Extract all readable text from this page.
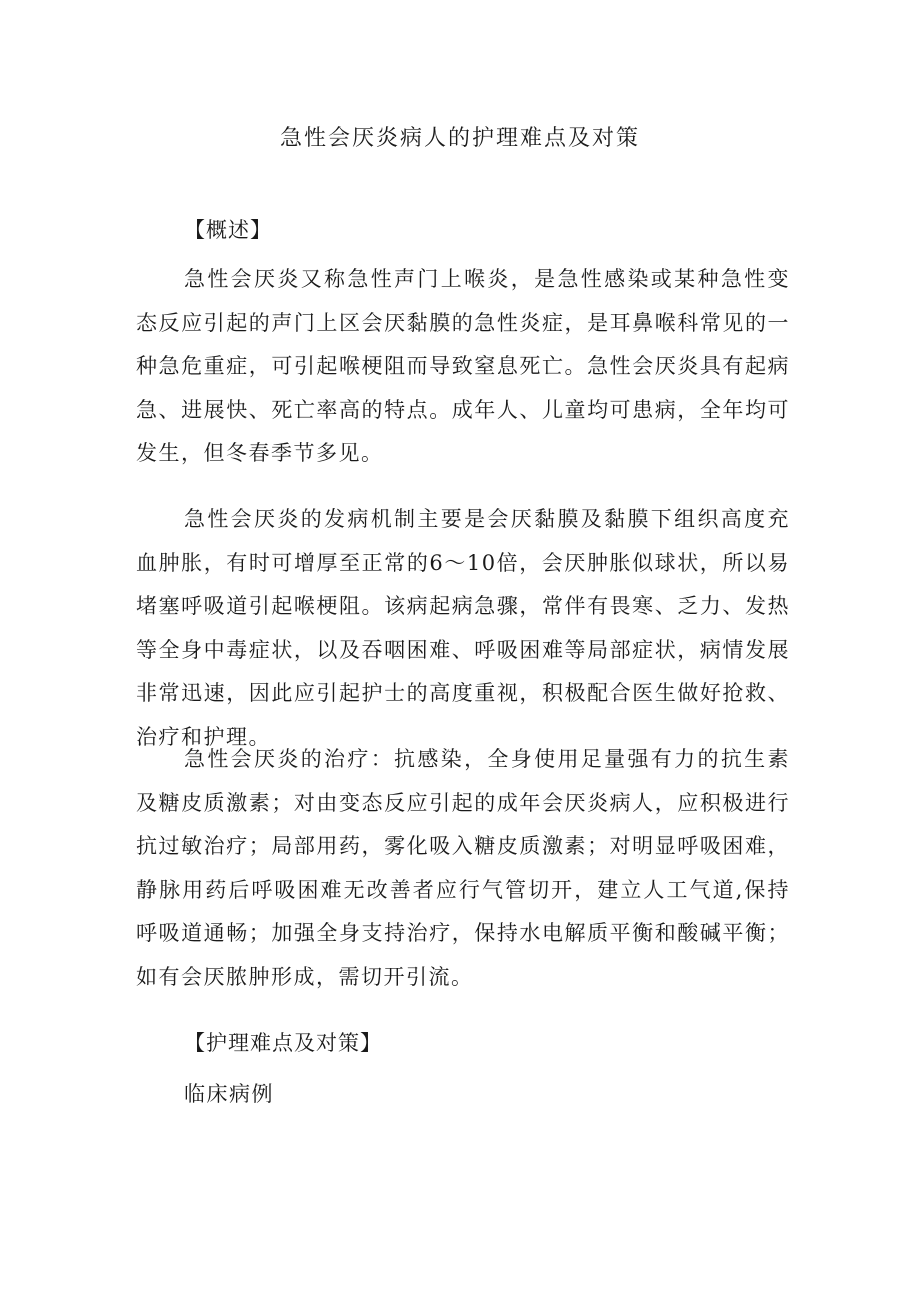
急性会厌炎病人的护理难点及对策
【概述】

急性会厌炎又称急性声门上喉炎，是急性感染或某种急性变态反应引起的声门上区会厌黏膜的急性炎症，是耳鼻喉科常见的一种急危重症，可引起喉梗阻而导致窒息死亡。急性会厌炎具有起病急、进展快、死亡率高的特点。成年人、儿童均可患病，全年均可发生，但冬春季节多见。

急性会厌炎的发病机制主要是会厌黏膜及黏膜下组织高度充血肿胀，有时可增厚至正常的6～10倍，会厌肿胀似球状，所以易堵塞呼吸道引起喉梗阻。该病起病急骤，常伴有畏寒、乏力、发热等全身中毒症状，以及吞咽困难、呼吸困难等局部症状，病情发展非常迅速，因此应引起护士的高度重视，积极配合医生做好抢救、治疗和护理。

急性会厌炎的治疗：抗感染，全身使用足量强有力的抗生素及糖皮质激素；对由变态反应引起的成年会厌炎病人，应积极进行抗过敏治疗；局部用药，雾化吸入糖皮质激素；对明显呼吸困难，静脉用药后呼吸困难无改善者应行气管切开，建立人工气道,保持呼吸道通畅；加强全身支持治疗，保持水电解质平衡和酸碱平衡；如有会厌脓肿形成，需切开引流。

【护理难点及对策】
临床病例
